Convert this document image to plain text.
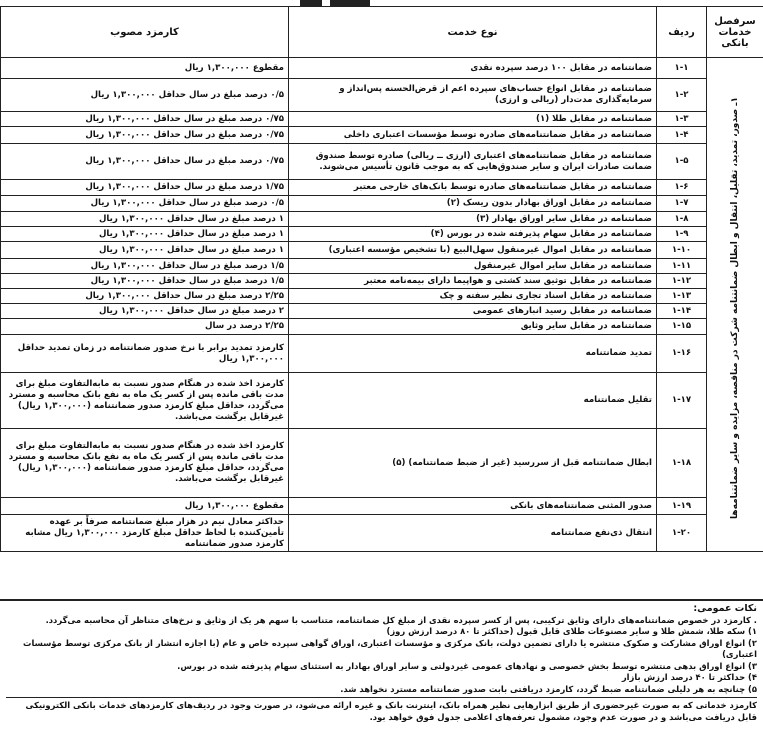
سرفصل خدمات بانکی	ردیف	نوع خدمت	کارمزد مصوب

۱ـ صدور، تمدید، تقلیل، انتقال و ابطال ضمانتنامه شرکت در مناقصه، مزایده و سایر ضمانتنامه‌ها	۱-۱	ضمانتنامه در مقابل ۱۰۰ درصد سپرده نقدی	مقطوع ۱,۳۰۰,۰۰۰ ریال
	۱-۲	ضمانتنامه در مقابل انواع حساب‌های سپرده اعم از قرض‌الحسنه پس‌انداز و سرمایه‌گذاری مدت‌دار (ریالی و ارزی)	۰/۵ درصد مبلغ در سال حداقل ۱,۳۰۰,۰۰۰ ریال
	۱-۳	ضمانتنامه در مقابل طلا (۱)	۰/۷۵ درصد مبلغ در سال حداقل ۱,۳۰۰,۰۰۰ ریال
	۱-۴	ضمانتنامه در مقابل ضمانتنامه‌های صادره توسط مؤسسات اعتباری داخلی	۰/۷۵ درصد مبلغ در سال حداقل ۱,۳۰۰,۰۰۰ ریال
	۱-۵	ضمانتنامه در مقابل ضمانتنامه‌های اعتباری (ارزی ــ ریالی) صادره توسط صندوق ضمانت صادرات ایران و سایر صندوق‌هایی که به موجب قانون تأسیس می‌شوند.	۰/۷۵ درصد مبلغ در سال حداقل ۱,۳۰۰,۰۰۰ ریال
	۱-۶	ضمانتنامه در مقابل ضمانتنامه‌های صادره توسط بانک‌های خارجی معتبر	۱/۷۵ درصد مبلغ در سال حداقل ۱,۳۰۰,۰۰۰ ریال
	۱-۷	ضمانتنامه در مقابل اوراق بهادار بدون ریسک (۲)	۰/۵ درصد مبلغ در سال حداقل ۱,۳۰۰,۰۰۰ ریال
	۱-۸	ضمانتنامه در مقابل سایر اوراق بهادار (۳)	۱ درصد مبلغ در سال حداقل ۱,۳۰۰,۰۰۰ ریال
	۱-۹	ضمانتنامه در مقابل سهام پذیرفته شده در بورس (۴)	۱ درصد مبلغ در سال حداقل ۱,۳۰۰,۰۰۰ ریال
	۱-۱۰	ضمانتنامه در مقابل اموال غیرمنقول سهل‌البیع (با تشخیص مؤسسه اعتباری)	۱ درصد مبلغ در سال حداقل ۱,۳۰۰,۰۰۰ ریال
	۱-۱۱	ضمانتنامه در مقابل سایر اموال غیرمنقول	۱/۵ درصد مبلغ در سال حداقل ۱,۳۰۰,۰۰۰ ریال
	۱-۱۲	ضمانتنامه در مقابل توثیق سند کشتی و هواپیما دارای بیمه‌نامه معتبر	۱/۵ درصد مبلغ در سال حداقل ۱,۳۰۰,۰۰۰ ریال
	۱-۱۳	ضمانتنامه در مقابل اسناد تجاری نظیر سفته و چک	۲/۲۵ درصد مبلغ در سال حداقل ۱,۳۰۰,۰۰۰ ریال
	۱-۱۴	ضمانتنامه در مقابل رسید انبارهای عمومی	۲ درصد مبلغ در سال حداقل ۱,۳۰۰,۰۰۰ ریال
	۱-۱۵	ضمانتنامه در مقابل سایر وثایق	۲/۲۵ درصد در سال
	۱-۱۶	تمدید ضمانتنامه	کارمزد تمدید برابر با نرخ صدور ضمانتنامه در زمان تمدید حداقل ۱,۳۰۰,۰۰۰ ریال
	۱-۱۷	تقلیل ضمانتنامه	کارمزد اخذ شده در هنگام صدور نسبت به مابه‌التفاوت مبلغ برای مدت باقی مانده پس از کسر یک ماه به نفع بانک محاسبه و مسترد می‌گردد، حداقل مبلغ کارمزد صدور ضمانتنامه (۱,۳۰۰,۰۰۰ ریال) غیرقابل برگشت می‌باشد.
	۱-۱۸	ابطال ضمانتنامه قبل از سررسید (غیر از ضبط ضمانتنامه) (۵)	کارمزد اخذ شده در هنگام صدور نسبت به مابه‌التفاوت مبلغ برای مدت باقی مانده پس از کسر یک ماه به نفع بانک محاسبه و مسترد می‌گردد، حداقل مبلغ کارمزد صدور ضمانتنامه (۱,۳۰۰,۰۰۰ ریال) غیرقابل برگشت می‌باشد.
	۱-۱۹	صدور المثنی ضمانتنامه‌های بانکی	مقطوع ۱,۳۰۰,۰۰۰ ریال
	۱-۲۰	انتقال ذی‌نفع ضمانتنامه	حداکثر معادل نیم در هزار مبلغ ضمانتنامه صرفاً بر عهده تأمین‌کننده با لحاظ حداقل مبلغ کارمزد ۱,۳۰۰,۰۰۰ ریال مشابه کارمزد صدور ضمانتنامه
نکات عمومی:
. کارمزد در خصوص ضمانتنامه‌های دارای وثایق ترکیبی، پس از کسر سپرده نقدی از مبلغ کل ضمانتنامه، متناسب با سهم هر یک از وثایق و نرخ‌های متناظر آن محاسبه می‌گردد.
۱) سکه طلا، شمش طلا و سایر مصنوعات طلای قابل قبول (حداکثر تا ۸۰ درصد ارزش روز)
۲) انواع اوراق مشارکت و صکوک منتشره یا دارای تضمین دولت، بانک مرکزی و مؤسسات اعتباری، اوراق گواهی سپرده خاص و عام (با اجازه انتشار از بانک مرکزی توسط مؤسسات اعتباری)
۳) انواع اوراق بدهی منتشره توسط بخش خصوصی و نهادهای عمومی غیردولتی و سایر اوراق بهادار به استثنای سهام پذیرفته شده در بورس.
۴) حداکثر تا ۴۰ درصد ارزش بازار
۵) چنانچه به هر دلیلی ضمانتنامه ضبط گردد، کارمزد دریافتی بابت صدور ضمانتنامه مسترد نخواهد شد.
کارمزد خدماتی که به صورت غیرحضوری از طریق ابزارهایی نظیر همراه بانک، اینترنت بانک و غیره ارائه می‌شود، در صورت وجود در ردیف‌های کارمزدهای خدمات بانکی الکترونیکی قابل دریافت می‌باشد و در صورت عدم وجود، مشمول تعرفه‌های اعلامی جدول فوق خواهد بود.
